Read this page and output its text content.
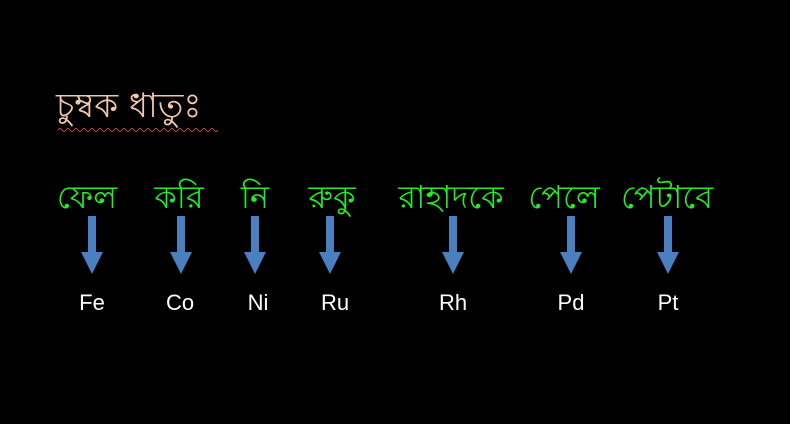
চুম্বক ধাতুঃ
ফেল
Fe
করি
Co
নি
Ni
রুকু
Ru
রাহাদকে
Rh
পেলে
Pd
পেটাবে
Pt
